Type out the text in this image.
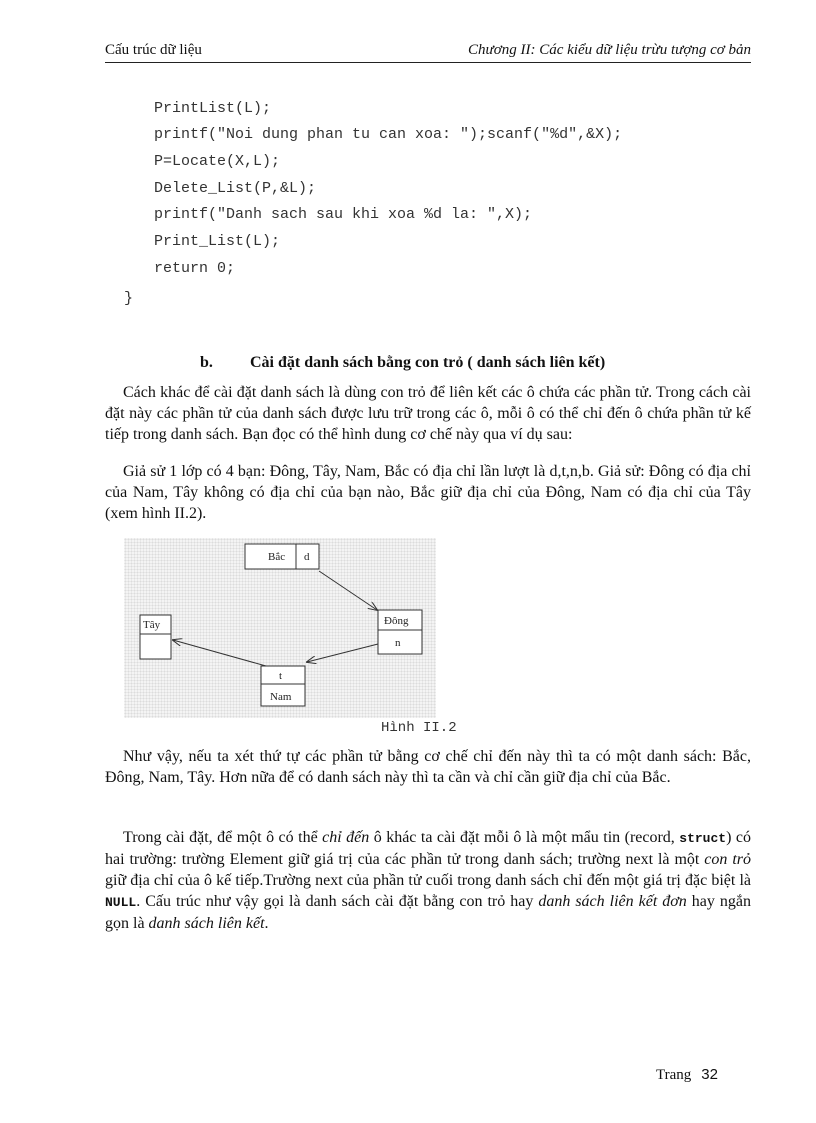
Cấu trúc dữ liệu	Chương II: Các kiểu dữ liệu trừu tượng cơ bản
PrintList(L);
printf("Noi dung phan tu can xoa: ");scanf("%d",&X);
P=Locate(X,L);
Delete_List(P,&L);
printf("Danh sach sau khi xoa %d la: ",X);
Print_List(L);
return 0;
}
b. Cài đặt danh sách bằng con trỏ ( danh sách liên kết)
Cách khác để cài đặt danh sách là dùng con trỏ để liên kết các ô chứa các phần tử. Trong cách cài đặt này các phần tử của danh sách được lưu trữ trong các ô, mỗi ô có thể chỉ đến ô chứa phần tử kế tiếp trong danh sách. Bạn đọc có thể hình dung cơ chế này qua ví dụ sau:
Giả sử 1 lớp có 4 bạn: Đông, Tây, Nam, Bắc có địa chỉ lần lượt là d,t,n,b. Giả sử: Đông có địa chỉ của Nam, Tây không có địa chỉ của bạn nào, Bắc giữ địa chỉ của Đông, Nam có địa chỉ của Tây (xem hình II.2).
Bắc d
Đông
n
Tây
t
Nam
Hình II.2
Như vậy, nếu ta xét thứ tự các phần tử bằng cơ chế chỉ đến này thì ta có một danh sách: Bắc, Đông, Nam, Tây. Hơn nữa để có danh sách này thì ta cần và chỉ cần giữ địa chỉ của Bắc.
Trong cài đặt, để một ô có thể chỉ đến ô khác ta cài đặt mỗi ô là một mẩu tin (record, struct) có hai trường: trường Element giữ giá trị của các phần tử trong danh sách; trường next là một con trỏ giữ địa chỉ của ô kế tiếp.Trường next của phần tử cuối trong danh sách chỉ đến một giá trị đặc biệt là NULL. Cấu trúc như vậy gọi là danh sách cài đặt bằng con trỏ hay danh sách liên kết đơn hay ngắn gọn là danh sách liên kết.
Trang 32
